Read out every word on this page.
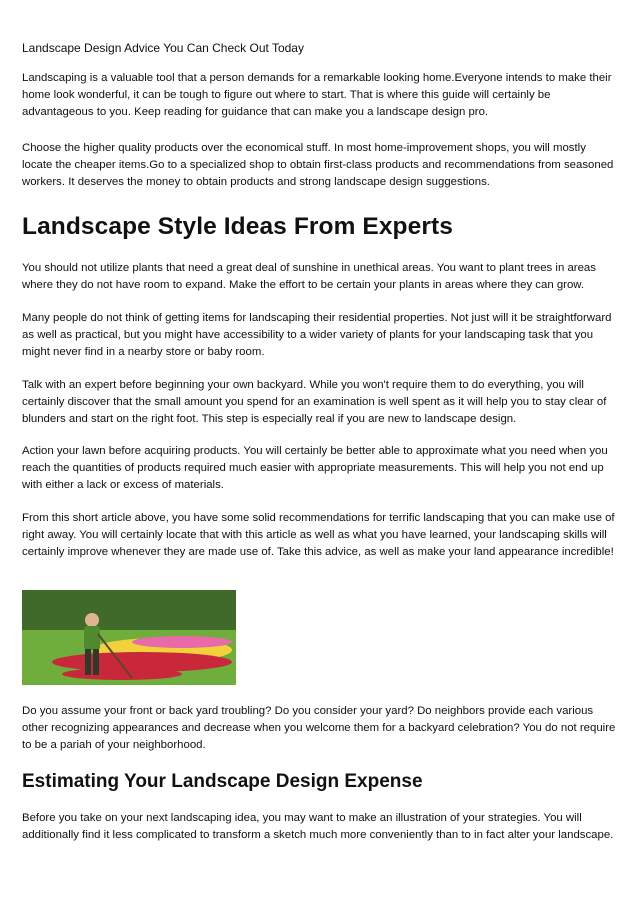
Landscape Design Advice You Can Check Out Today

Landscaping is a valuable tool that a person demands for a remarkable looking home.Everyone intends to make their home look wonderful, it can be tough to figure out where to start. That is where this guide will certainly be advantageous to you. Keep reading for guidance that can make you a landscape design pro.

Choose the higher quality products over the economical stuff. In most home-improvement shops, you will mostly locate the cheaper items.Go to a specialized shop to obtain first-class products and recommendations from seasoned workers. It deserves the money to obtain products and strong landscape design suggestions.

Landscape Style Ideas From Experts

You should not utilize plants that need a great deal of sunshine in unethical areas. You want to plant trees in areas where they do not have room to expand. Make the effort to be certain your plants in areas where they can grow.

Many people do not think of getting items for landscaping their residential properties. Not just will it be straightforward as well as practical, but you might have accessibility to a wider variety of plants for your landscaping task that you might never find in a nearby store or baby room.

Talk with an expert before beginning your own backyard. While you won't require them to do everything, you will certainly discover that the small amount you spend for an examination is well spent as it will help you to stay clear of blunders and start on the right foot. This step is especially real if you are new to landscape design.

Action your lawn before acquiring products. You will certainly be better able to approximate what you need when you reach the quantities of products required much easier with appropriate measurements. This will help you not end up with either a lack or excess of materials.

From this short article above, you have some solid recommendations for terrific landscaping that you can make use of right away. You will certainly locate that with this article as well as what you have learned, your landscaping skills will certainly improve whenever they are made use of. Take this advice, as well as make your land appearance incredible!

Do you assume your front or back yard troubling? Do you consider your yard? Do neighbors provide each various other recognizing appearances and decrease when you welcome them for a backyard celebration? You do not require to be a pariah of your neighborhood.

Estimating Your Landscape Design Expense

Before you take on your next landscaping idea, you may want to make an illustration of your strategies. You will additionally find it less complicated to transform a sketch much more conveniently than to in fact alter your landscape.
